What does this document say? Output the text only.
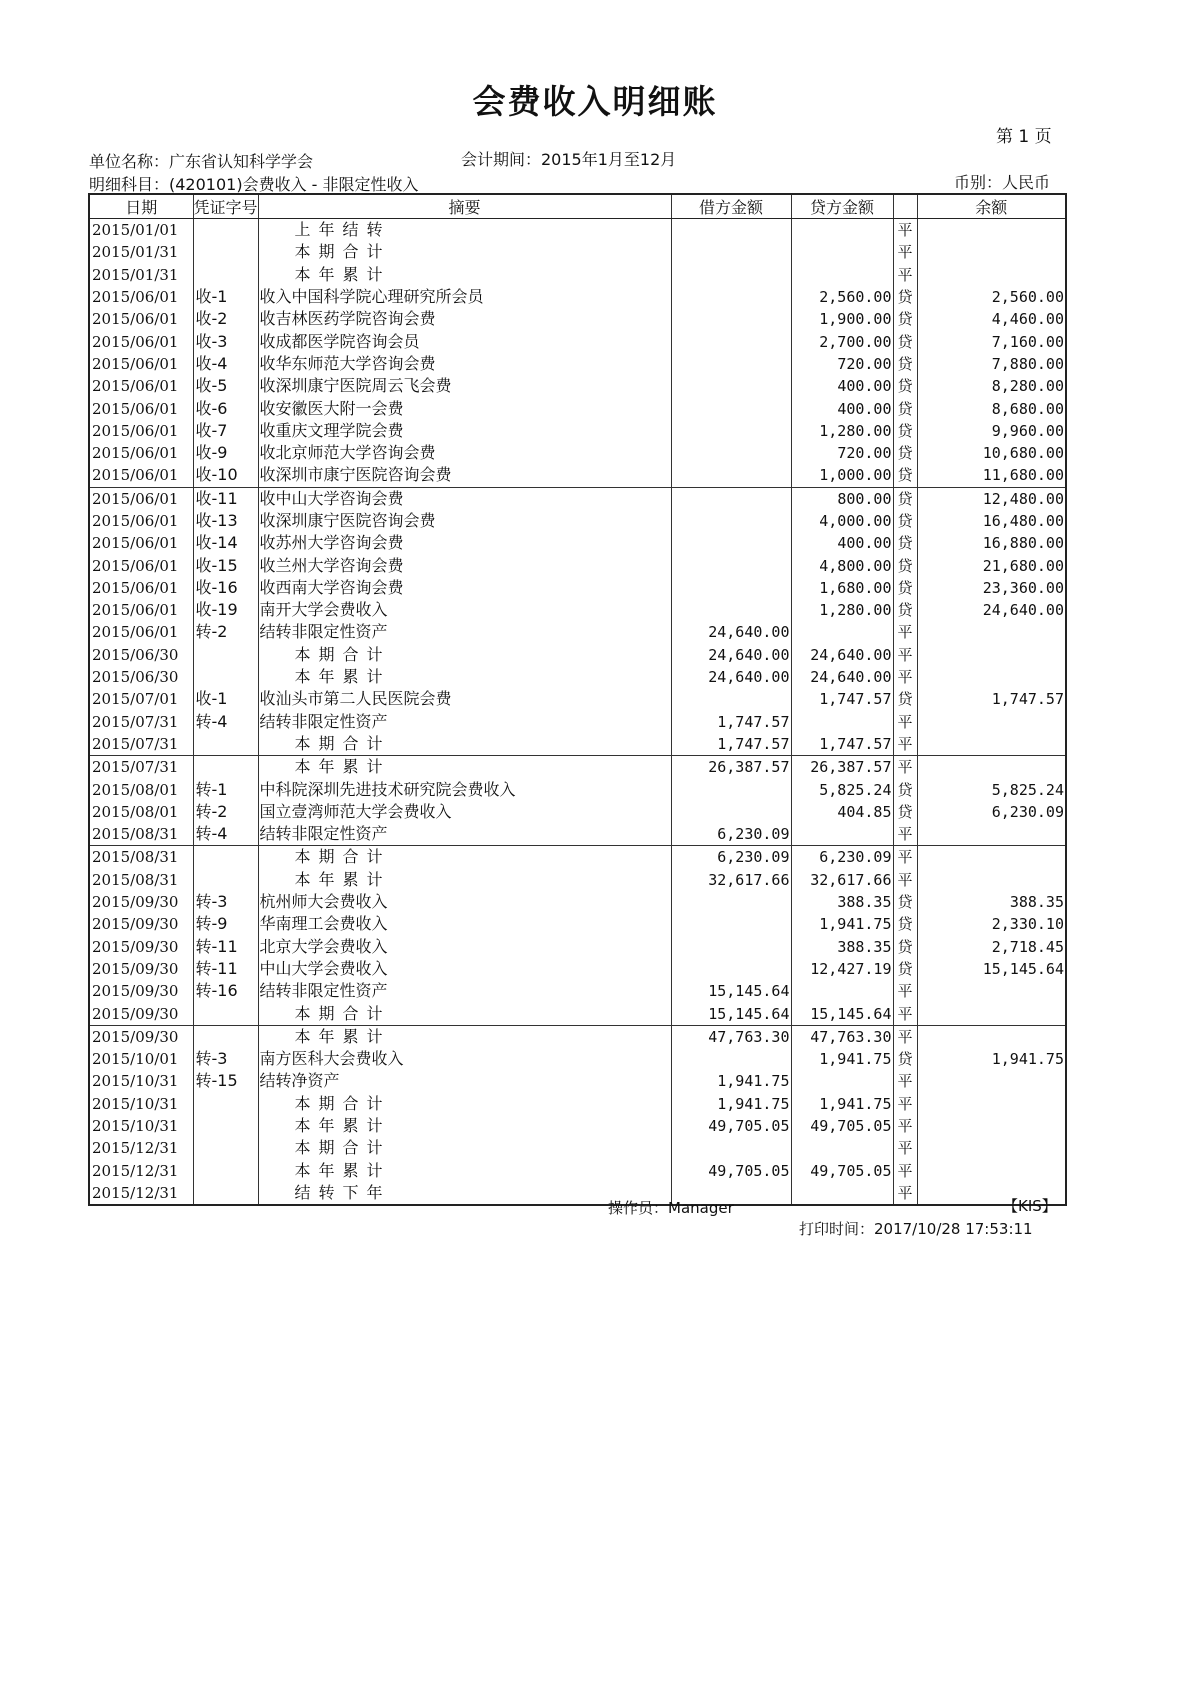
会费收入明细账
第 1 页
单位名称：广东省认知科学学会	会计期间：2015年1月至12月
明细科目：(420101)会费收入 - 非限定性收入	币别：人民币
日期	凭证字号	摘要	借方金额	贷方金额		余额
2015/01/01		上年结转			平	
2015/01/31		本期合计			平	
2015/01/31		本年累计			平	
2015/06/01	收-1	收入中国科学院心理研究所会员		2,560.00	贷	2,560.00
2015/06/01	收-2	收吉林医药学院咨询会费		1,900.00	贷	4,460.00
2015/06/01	收-3	收成都医学院咨询会员		2,700.00	贷	7,160.00
2015/06/01	收-4	收华东师范大学咨询会费		720.00	贷	7,880.00
2015/06/01	收-5	收深圳康宁医院周云飞会费		400.00	贷	8,280.00
2015/06/01	收-6	收安徽医大附一会费		400.00	贷	8,680.00
2015/06/01	收-7	收重庆文理学院会费		1,280.00	贷	9,960.00
2015/06/01	收-9	收北京师范大学咨询会费		720.00	贷	10,680.00
2015/06/01	收-10	收深圳市康宁医院咨询会费		1,000.00	贷	11,680.00
2015/06/01	收-11	收中山大学咨询会费		800.00	贷	12,480.00
2015/06/01	收-13	收深圳康宁医院咨询会费		4,000.00	贷	16,480.00
2015/06/01	收-14	收苏州大学咨询会费		400.00	贷	16,880.00
2015/06/01	收-15	收兰州大学咨询会费		4,800.00	贷	21,680.00
2015/06/01	收-16	收西南大学咨询会费		1,680.00	贷	23,360.00
2015/06/01	收-19	南开大学会费收入		1,280.00	贷	24,640.00
2015/06/01	转-2	结转非限定性资产	24,640.00		平	
2015/06/30		本期合计	24,640.00	24,640.00	平	
2015/06/30		本年累计	24,640.00	24,640.00	平	
2015/07/01	收-1	收汕头市第二人民医院会费		1,747.57	贷	1,747.57
2015/07/31	转-4	结转非限定性资产	1,747.57		平	
2015/07/31		本期合计	1,747.57	1,747.57	平	
2015/07/31		本年累计	26,387.57	26,387.57	平	
2015/08/01	转-1	中科院深圳先进技术研究院会费收入		5,825.24	贷	5,825.24
2015/08/01	转-2	国立壹湾师范大学会费收入		404.85	贷	6,230.09
2015/08/31	转-4	结转非限定性资产	6,230.09		平	
2015/08/31		本期合计	6,230.09	6,230.09	平	
2015/08/31		本年累计	32,617.66	32,617.66	平	
2015/09/30	转-3	杭州师大会费收入		388.35	贷	388.35
2015/09/30	转-9	华南理工会费收入		1,941.75	贷	2,330.10
2015/09/30	转-11	北京大学会费收入		388.35	贷	2,718.45
2015/09/30	转-11	中山大学会费收入		12,427.19	贷	15,145.64
2015/09/30	转-16	结转非限定性资产	15,145.64		平	
2015/09/30		本期合计	15,145.64	15,145.64	平	
2015/09/30		本年累计	47,763.30	47,763.30	平	
2015/10/01	转-3	南方医科大会费收入		1,941.75	贷	1,941.75
2015/10/31	转-15	结转净资产	1,941.75		平	
2015/10/31		本期合计	1,941.75	1,941.75	平	
2015/10/31		本年累计	49,705.05	49,705.05	平	
2015/12/31		本期合计			平	
2015/12/31		本年累计	49,705.05	49,705.05	平	
2015/12/31		结转下年			平	
操作员：Manager	【KIS】
打印时间：2017/10/28 17:53:11
